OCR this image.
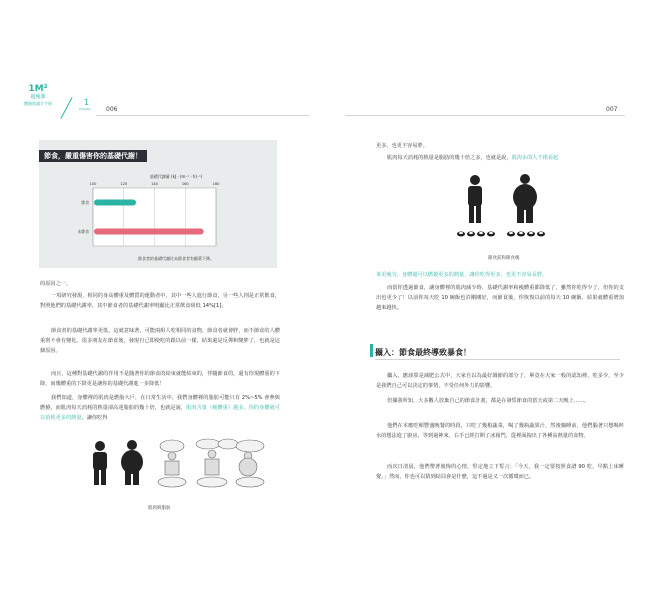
1M²
超瘦課
體脂肪減半手冊	1
Chapter	006	007
節食，嚴重傷害你的基礎代謝！
基礎代謝量 (kJ · (m⁻² · h)⁻¹)
100	120	140	160	180
節食
未節食
節食者的基礎代謝比未節食者有顯著下降。
的原因之一。
一項研究發現，相同的身高體重及體質的運動者中，其中一些人進行節食，另一些人則是正常飲食，對照他們的基礎代謝率，其中節食者的基礎代謝率明顯比正常飲食組低 14%[1]。
節食者的基礎代謝率更低，這就意味著，可能兩組人吃相同的食物，節食者就會胖，而不節食的人體重則不會有變化。很多朋友在節食後，發現自己即使吃的跟以前一樣，結果還是反彈和變胖了，也就是這個原因。
而且，這種對基礎代謝的作用不是隨著你的節食的結束就能結束的，伴隨節食的，還有你現體重的下降，而幾體重的下降更是讓你的基礎代謝進一步降低！
我們知道，身體裡的肌肉是燃脂大戶，在日常生活中，我們身體裡的脂肪可能只有 2%~5% 會參與燃燒，而肌肉每天消耗的熱量卻高達脂肪的幾十倍，也就是說，肌肉含量（瘦體重）越多，你的身體就可以消耗更多的熱量，讓你吃得
肌肉與脂肪
更多，也更不容易胖。
肌肉每天消耗的熱量是脂肪的幾十倍之多，也就是說，肌肉多的人不僅看起
節食前和節食後
來更瘦匀，身體還可以燃燒更多的熱量，讓你吃得更多，也更不容易長胖。
而當你透過節食，讓身體裡的肌肉減少時，基礎代謝率和瘦體重都降低了，雖然你吃得少了，但你的支出也更少了！以前你每天吃 10 碗飯也許剛剛好，而節食後，你恢復以前的每天 10 碗飯，結果就體重增加越來越快。
攝入：節食最終導致暴食！
攝入，應該算是減肥公式中，大家自以為最好調節的部分了，畢竟在大家一般的認知裡，吃多少，至少是我們自己可以決定的事情，不受任何外力的影響。
但據我所知，大多數人放棄自己的節食計畫，都是在發誓節食的當天或第二天晚上……。
他們在本應吃頓豐盛晚餐的時段，只吃了幾根蔬菜，喝了幾瓶蔬果汁，然後躺睡前，他們腦著只想喝杯水的想法進了廚房，等到過神來，右手已經打開了冰箱門，從裡面掏出了各種高熱量的食物。
而次日清晨，他們帶著後悔的心情，堅定地立下誓言：「今天，我一定要按照食譜 90 吃，早點上床睡覺。」然而，你也可以猜到結局會是什麼，這不過是又一次循環而已。
